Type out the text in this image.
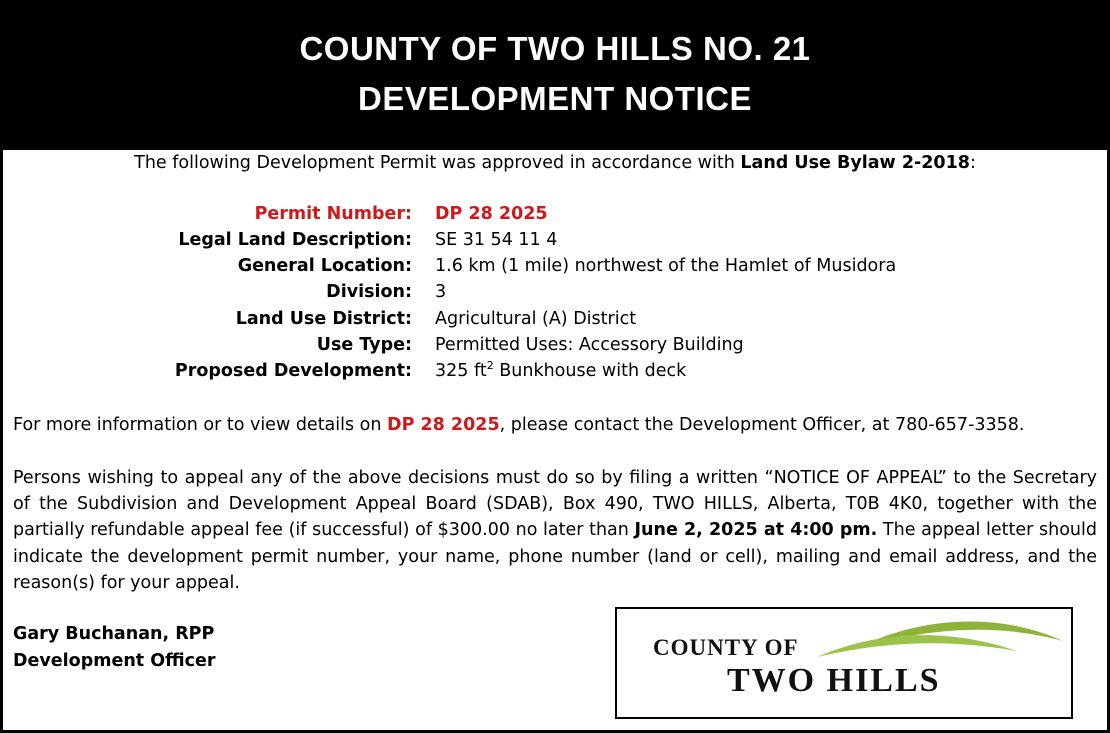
COUNTY OF TWO HILLS NO. 21
DEVELOPMENT NOTICE
The following Development Permit was approved in accordance with Land Use Bylaw 2-2018:
Permit Number: DP 28 2025
Legal Land Description: SE 31 54 11 4
General Location: 1.6 km (1 mile) northwest of the Hamlet of Musidora
Division: 3
Land Use District: Agricultural (A) District
Use Type: Permitted Uses: Accessory Building
Proposed Development: 325 $ft^2$ Bunkhouse with deck
For more information or to view details on DP 28 2025, please contact the Development Officer, at 780-657-3358.
Persons wishing to appeal any of the above decisions must do so by filing a written “NOTICE OF APPEAL” to the Secretary of the Subdivision and Development Appeal Board (SDAB), Box 490, TWO HILLS, Alberta, T0B 4K0, together with the partially refundable appeal fee (if successful) of $300.00 no later than June 2, 2025 at 4:00 pm. The appeal letter should indicate the development permit number, your name, phone number (land or cell), mailing and email address, and the reason(s) for your appeal.
Gary Buchanan, RPP
Development Officer
COUNTY OF
TWO HILLS
